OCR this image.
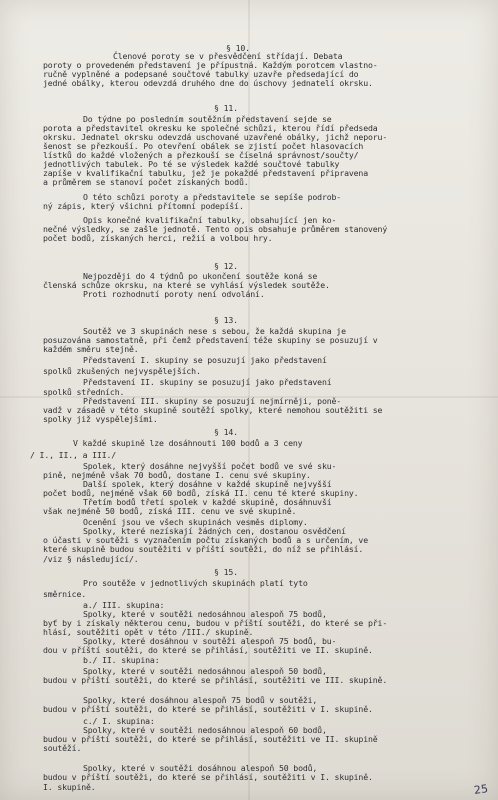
§ 10.
Členové poroty se v přesvědčení střídají. Debata
poroty o provedeném představení je přípustná. Každým porotcem vlastno-
ručně vyplněné a podepsané součtové tabulky uzavře předsedající do
jedné obálky, kterou odevzdá druhého dne do úschovy jednatelí okrsku.
§ 11.
Do týdne po posledním soutěžním představení sejde se
porota a představitel okresku ke společné schůzi, kterou řídí předseda
okrsku. Jednatel okrsku odevzdá uschované uzavřené obálky, jichž neporu-
šenost se přezkouší. Po otevření obálek se zjistí počet hlasovacích
lístků do každé vložených a přezkouší se číselná správnost/součty/
jednotlivých tabulek. Po té se výsledek každé součtové tabulky
zapíše v kvalifikační tabulku, jež je pokaždé představení připravena
a průměrem se stanoví počet získaných bodů.
O této schůzi poroty a představitele se sepíše podrob-
ný zápis, který všichni přítomní podepíší.
Opis konečné kvalifikační tabulky, obsahující jen ko-
nečné výsledky, se zašle jednotě. Tento opis obsahuje průměrem stanovený
počet bodů, získaných herci, režií a volbou hry.
§ 12.
Nejpozději do 4 týdnů po ukončení soutěže koná se
členská schůze okrsku, na které se vyhlásí výsledek soutěže.
Proti rozhodnutí poroty není odvolání.
§ 13.
Soutěž ve 3 skupinách nese s sebou, že každá skupina je
posuzována samostatně, při čemž představení téže skupiny se posuzují v
každém směru stejně.
Představení I. skupiny se posuzují jako představení
spolků zkušených nejvyspělejších.
Představení II. skupiny se posuzují jako představení
spolků středních.
Představení III. skupiny se posuzují nejmírněji, poně-
vadž v zásadě v této skupině soutěží spolky, které nemohou soutěžiti se
spolky již vyspělejšími.
§ 14.
V každé skupině lze dosáhnouti 100 bodů a 3 ceny
/ I., II., a III./
Spolek, který dosáhne nejvyšší počet bodů ve své sku-
pině, nejméně však 70 bodů, dostane I. cenu své skupiny.
Další spolek, který dosáhne v každé skupině nejvyšší
počet bodů, nejméně však 60 bodů, získá II. cenu té které skupiny.
Třetím bodů třetí spolek v každé skupině, dosáhnuvší
však nejméně 50 bodů, získá III. cenu ve své skupině.
Ocenění jsou ve všech skupinách vesměs diplomy.
Spolky, které nezískají žádných cen, dostanou osvědčení
o účasti v soutěži s vyznačením počtu získaných bodů a s určením, ve
které skupině budou soutěžiti v příští soutěži, do níž se přihlásí.
/viz § následující/.
§ 15.
Pro soutěže v jednotlivých skupinách platí tyto
směrnice.
a./ III. skupina:
Spolky, které v soutěži nedosáhnou alespoň 75 bodů,
byť by i získaly některou cenu, budou v příští soutěži, do které se při-
hlásí, soutěžiti opět v této /III./ skupině.
Spolky, které dosáhnou v soutěži alespoň 75 bodů, bu-
dou v příští soutěži, do které se přihlásí, soutěžiti ve II. skupině.
b./ II. skupina:
Spolky, které v soutěži nedosáhnou alespoň 50 bodů,
budou v příští soutěži, do které se přihlásí, soutěžiti ve III. skupině.
Spolky, které dosáhnou alespoň 75 bodů v soutěži,
budou v příští soutěži, do které se přihlásí, soutěžiti v I. skupině.
c./ I. skupina:
Spolky, které v soutěži nedosáhnou alespoň 60 bodů,
budou v příští soutěži, do které se přihlásí, soutěžiti ve II. skupině
soutěží.
Spolky, které v soutěži dosáhnou alespoň 50 bodů,
budou v příští soutěži, do které se přihlásí, soutěžiti v I. skupině.
I. skupině.	25
